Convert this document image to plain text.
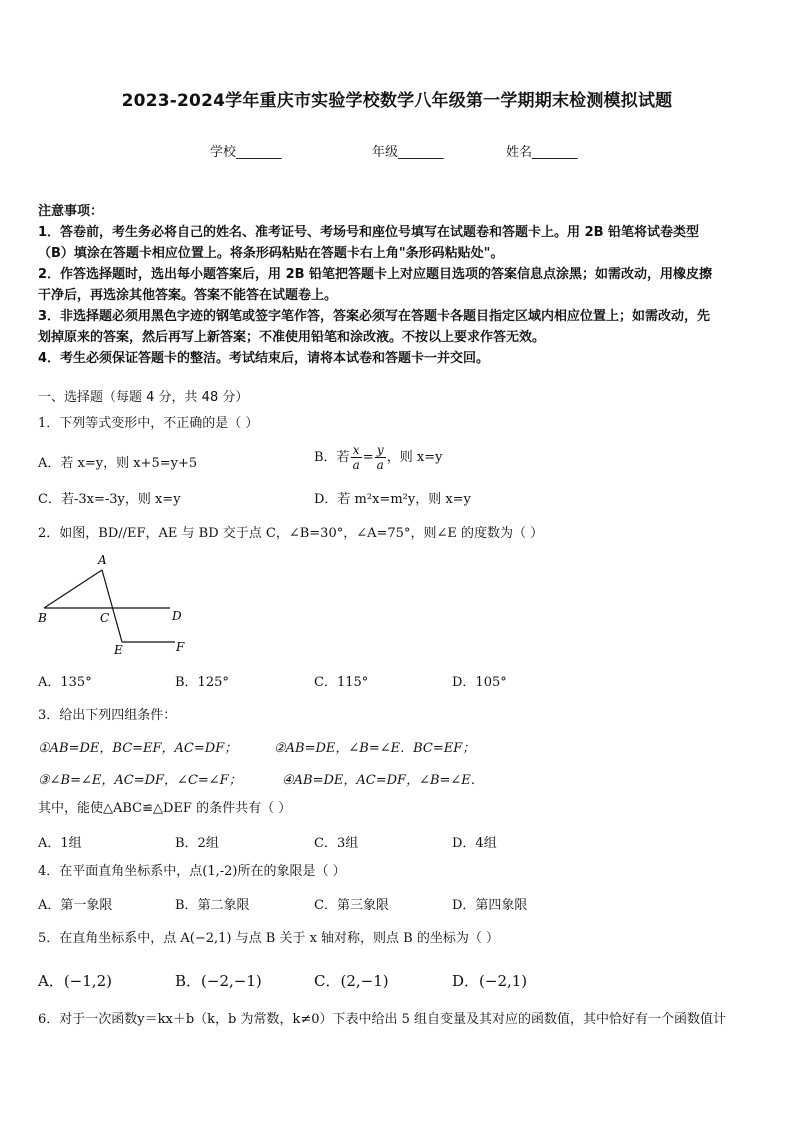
2023-2024学年重庆市实验学校数学八年级第一学期期末检测模拟试题
学校_______	年级_______	姓名_______
注意事项：
1．答卷前，考生务必将自己的姓名、准考证号、考场号和座位号填写在试题卷和答题卡上。用 2B 铅笔将试卷类型
（B）填涂在答题卡相应位置上。将条形码粘贴在答题卡右上角"条形码粘贴处"。
2．作答选择题时，选出每小题答案后，用 2B 铅笔把答题卡上对应题目选项的答案信息点涂黑；如需改动，用橡皮擦
干净后，再选涂其他答案。答案不能答在试题卷上。
3．非选择题必须用黑色字迹的钢笔或签字笔作答，答案必须写在答题卡各题目指定区域内相应位置上；如需改动，先
划掉原来的答案，然后再写上新答案；不准使用铅笔和涂改液。不按以上要求作答无效。
4．考生必须保证答题卡的整洁。考试结束后，请将本试卷和答题卡一并交回。
一、选择题（每题 4 分，共 48 分）
1．下列等式变形中，不正确的是（ ）
A．若 x=y，则 x+5=y+5	B．若 $\frac{x}{a} = \frac{y}{a}$ ，则 x=y
C．若-3x=-3y，则 x=y	D．若 m²x=m²y，则 x=y
2．如图，BD//EF，AE 与 BD 交于点 C，∠B=30°，∠A=75°，则∠E 的度数为（ ）
A
B	C	D
E	F
A．135°	B．125°	C．115°	D．105°
3．给出下列四组条件：
①AB=DE，BC=EF，AC=DF；	②AB=DE，∠B=∠E．BC=EF；
③∠B=∠E，AC=DF，∠C=∠F；	④AB=DE，AC=DF，∠B=∠E．
其中，能使△ABC≌△DEF 的条件共有（ ）
A．1组	B．2组	C．3组	D．4组
4．在平面直角坐标系中，点(1,-2)所在的象限是（ ）
A．第一象限	B．第二象限	C．第三象限	D．第四象限
5．在直角坐标系中，点 A(−2,1) 与点 B 关于 x 轴对称，则点 B 的坐标为（ ）
A．(−1,2)	B．(−2,−1)	C．(2,−1)	D．(−2,1)
6．对于一次函数y＝kx＋b（k，b 为常数，k≠0）下表中给出 5 组自变量及其对应的函数值，其中恰好有一个函数值计
